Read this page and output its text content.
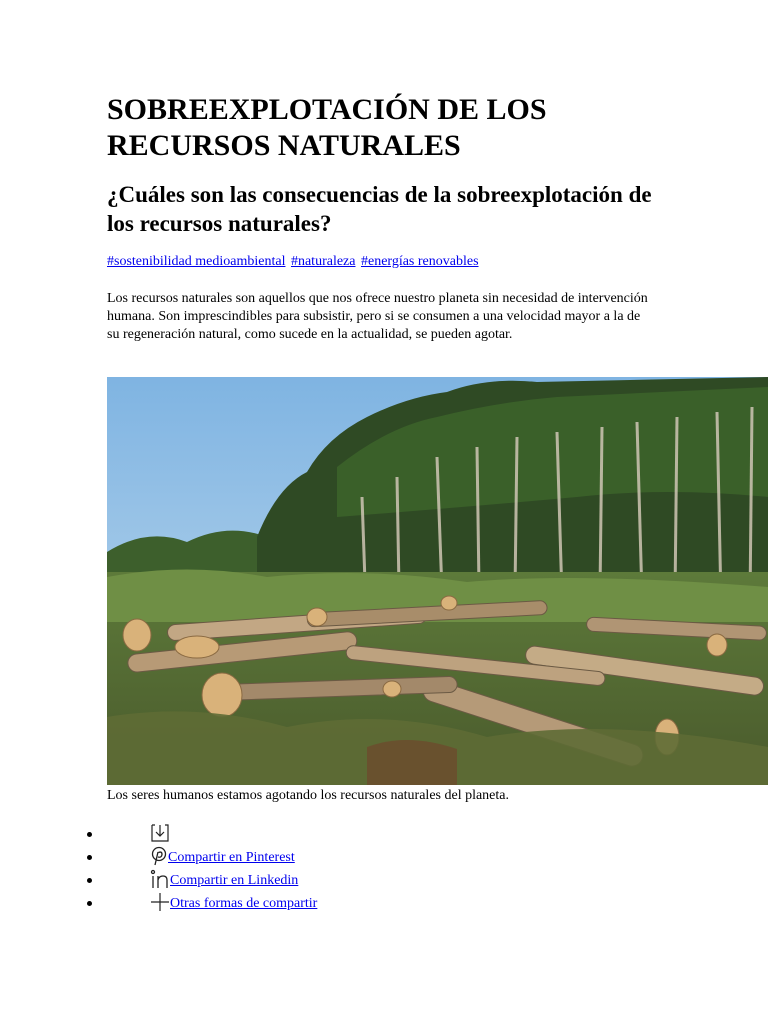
SOBREEXPLOTACIÓN DE LOS RECURSOS NATURALES
¿Cuáles son las consecuencias de la sobreexplotación de los recursos naturales?
#sostenibilidad medioambiental #naturaleza #energías renovables

Los recursos naturales son aquellos que nos ofrece nuestro planeta sin necesidad de intervención humana. Son imprescindibles para subsistir, pero si se consumen a una velocidad mayor a la de su regeneración natural, como sucede en la actualidad, se pueden agotar.

Los seres humanos estamos agotando los recursos naturales del planeta.

Compartir en Pinterest
Compartir en Linkedin
Otras formas de compartir
